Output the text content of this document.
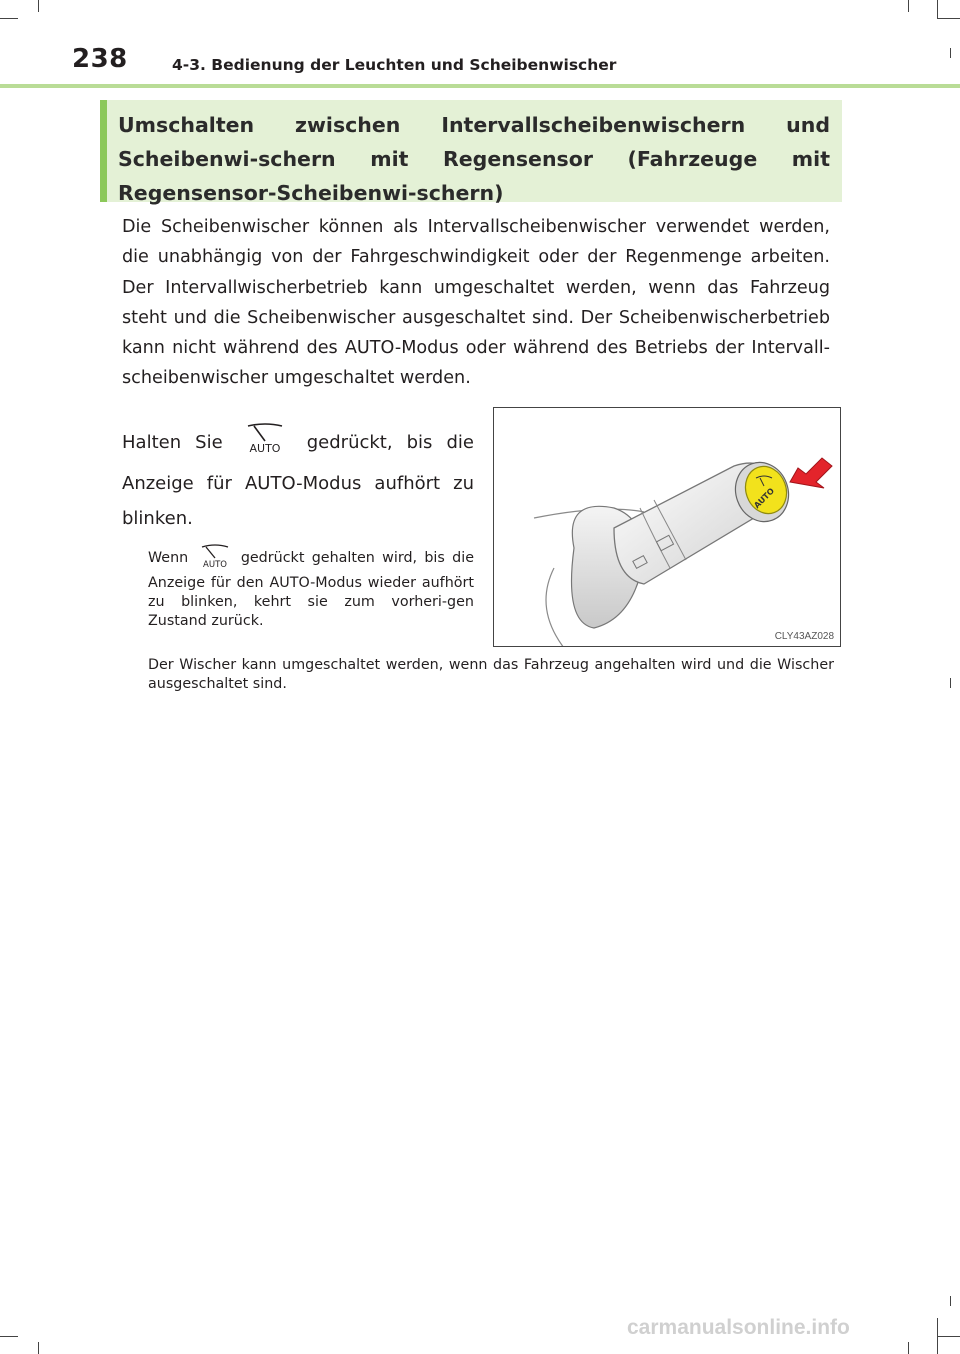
238	4-3. Bedienung der Leuchten und Scheibenwischer
Umschalten zwischen Intervallscheibenwischern und Scheibenwi-schern mit Regensensor (Fahrzeuge mit Regensensor-Scheibenwi-schern)
Die Scheibenwischer können als Intervallscheibenwischer verwendet werden, die unabhängig von der Fahrgeschwindigkeit oder der Regenmenge arbeiten. Der Intervallwischerbetrieb kann umgeschaltet werden, wenn das Fahrzeug steht und die Scheibenwischer ausgeschaltet sind. Der Scheibenwischerbetrieb kann nicht während des AUTO-Modus oder während des Betriebs der Intervall-scheibenwischer umgeschaltet werden.
Halten Sie AUTO gedrückt, bis die Anzeige für AUTO-Modus aufhört zu blinken.
Wenn AUTO gedrückt gehalten wird, bis die Anzeige für den AUTO-Modus wieder aufhört zu blinken, kehrt sie zum vorheri-gen Zustand zurück.
Der Wischer kann umgeschaltet werden, wenn das Fahrzeug angehalten wird und die Wischer ausgeschaltet sind.
AUTO
CLY43AZ028
carmanualsonline.info
